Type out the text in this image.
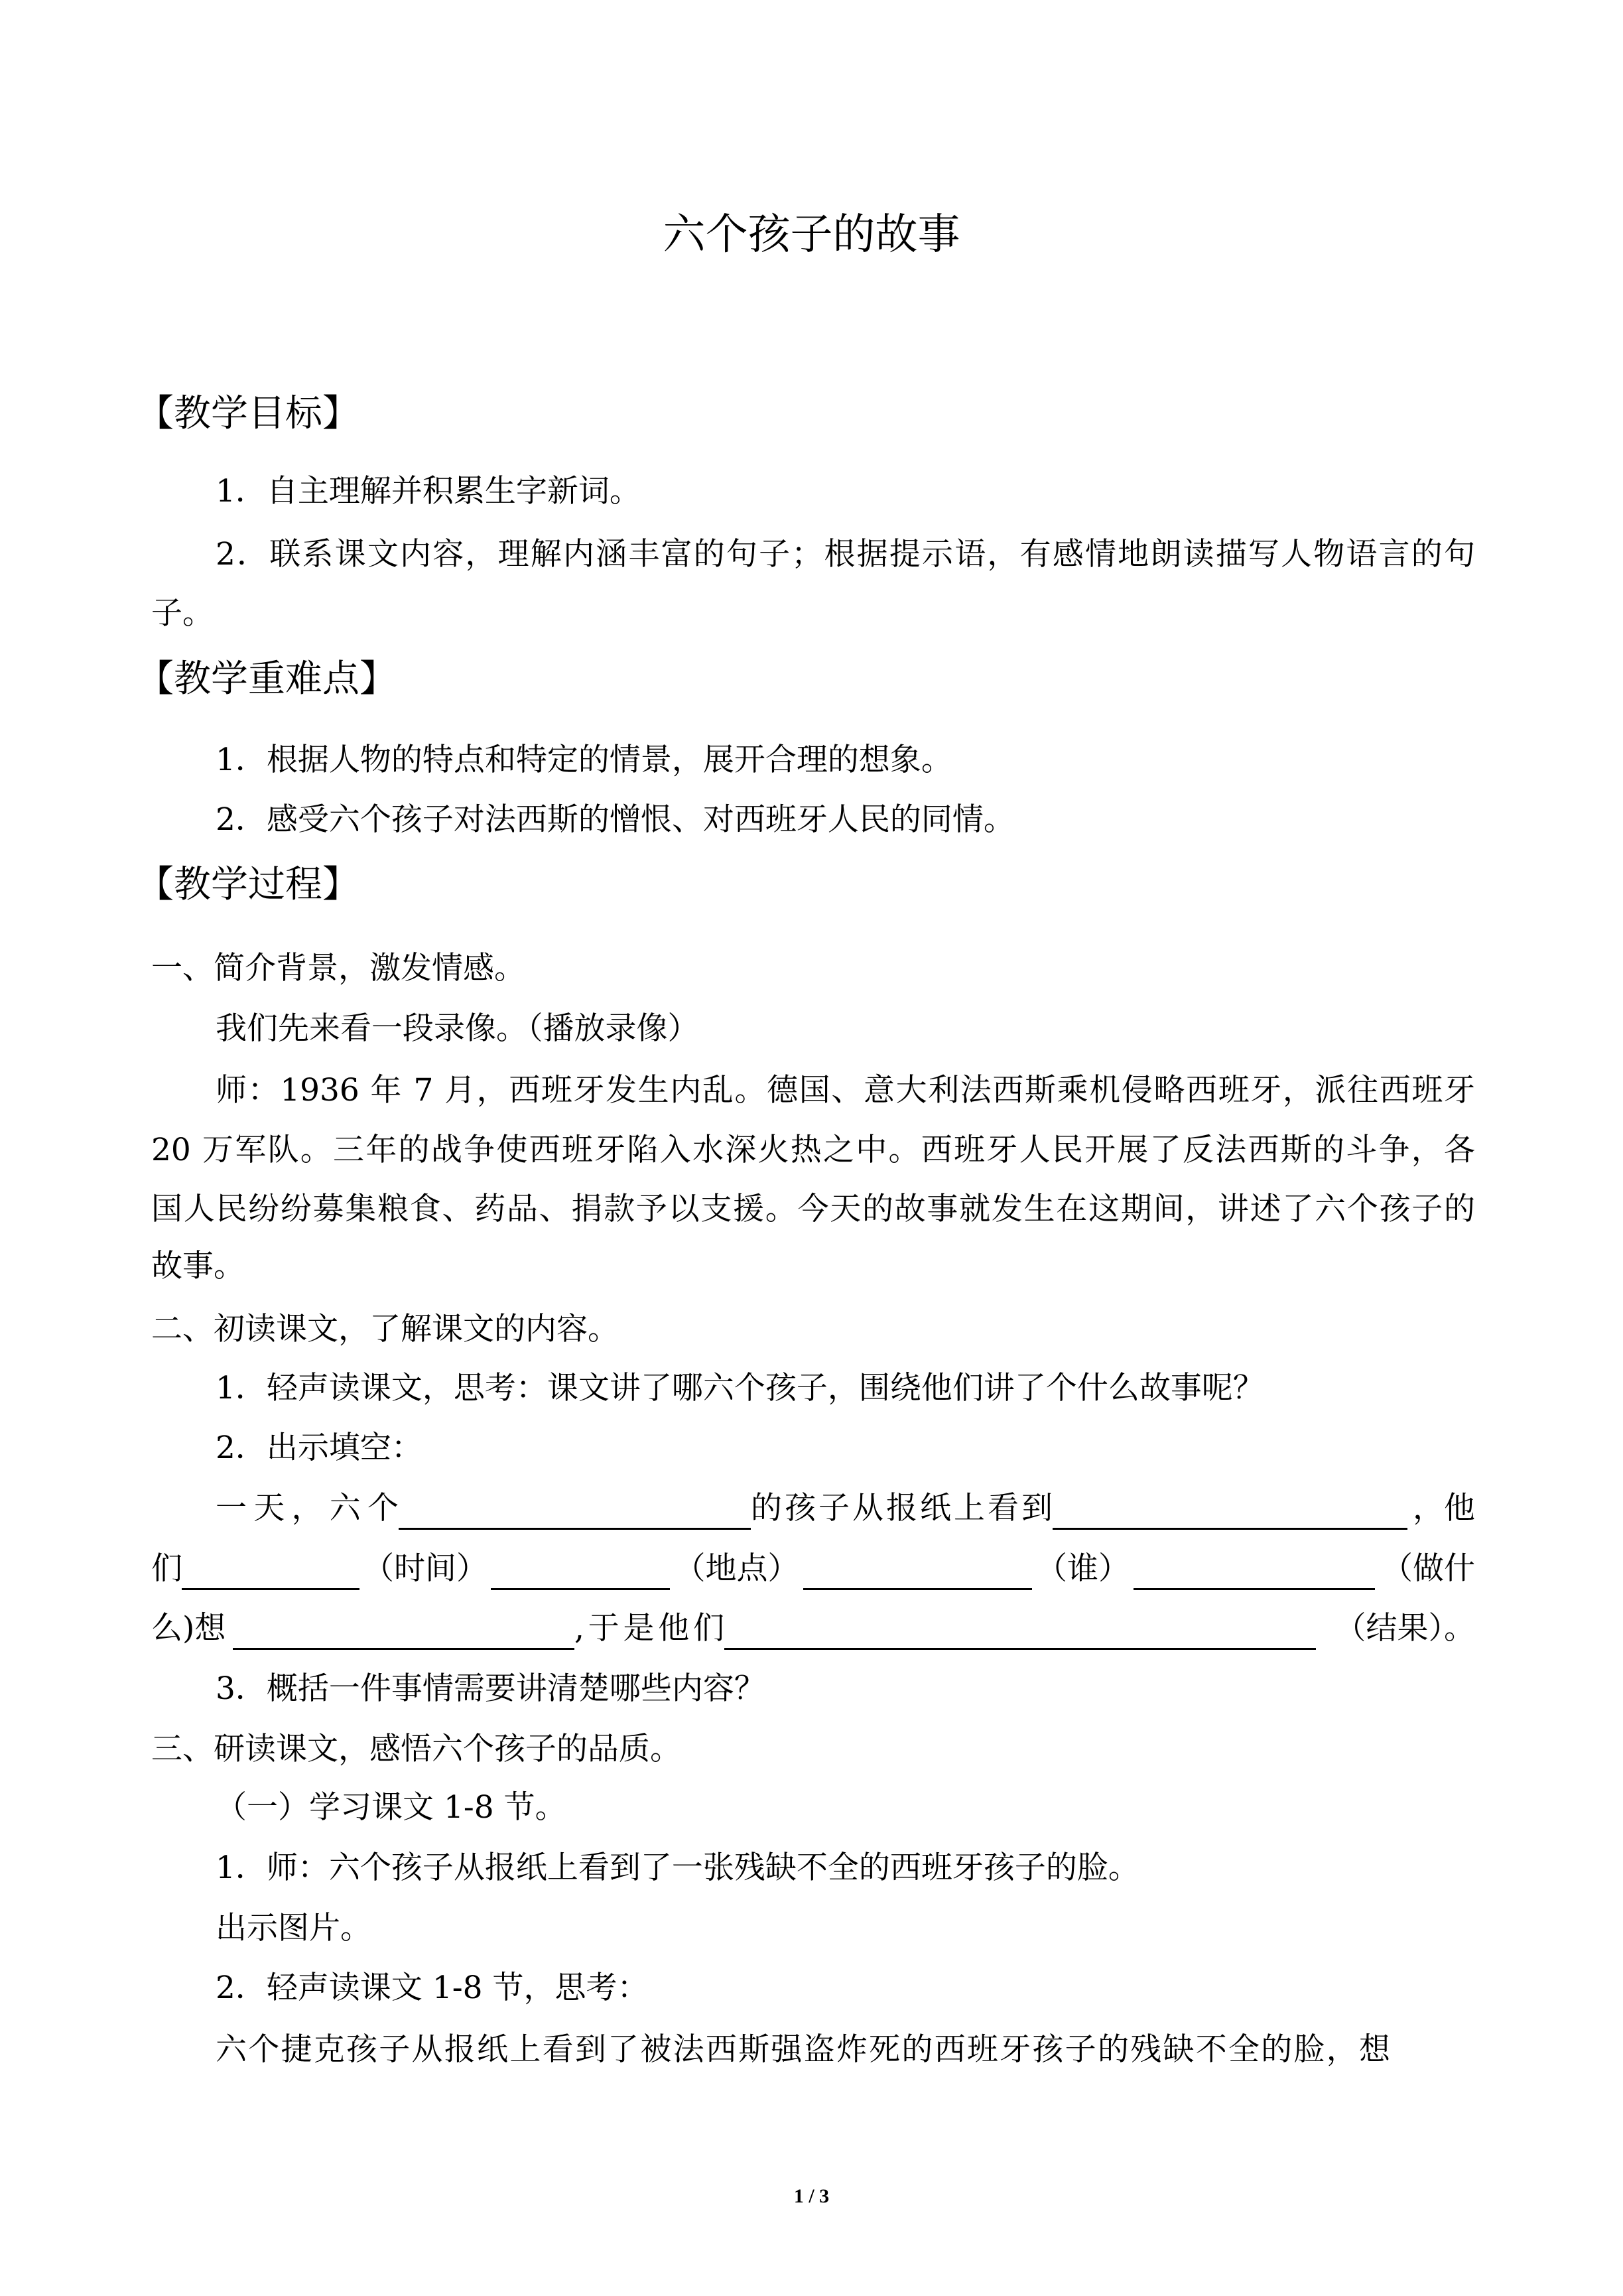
六个孩子的故事
【教学目标】
1．自主理解并积累生字新词。
2．联系课文内容，理解内涵丰富的句子；根据提示语，有感情地朗读描写人物语言的句
子。
【教学重难点】
1．根据人物的特点和特定的情景，展开合理的想象。
2．感受六个孩子对法西斯的憎恨、对西班牙人民的同情。
【教学过程】
一、简介背景，激发情感。
我们先来看一段录像。（播放录像）
师：1936 年 7 月，西班牙发生内乱。德国、意大利法西斯乘机侵略西班牙，派往西班牙
20 万军队。三年的战争使西班牙陷入水深火热之中。西班牙人民开展了反法西斯的斗争，各
国人民纷纷募集粮食、药品、捐款予以支援。今天的故事就发生在这期间，讲述了六个孩子的
故事。
二、初读课文，了解课文的内容。
1．轻声读课文，思考：课文讲了哪六个孩子，围绕他们讲了个什么故事呢？
2．出示填空：
一天，六个	的孩子从报纸上看到	，他
们	（时间）	（地点）	（谁）	（做什
么)想	,于是他们	（结果）。
3．概括一件事情需要讲清楚哪些内容？
三、研读课文，感悟六个孩子的品质。
（一）学习课文 1-8 节。
1．师：六个孩子从报纸上看到了一张残缺不全的西班牙孩子的脸。
出示图片。
2．轻声读课文 1-8 节，思考：
六个捷克孩子从报纸上看到了被法西斯强盗炸死的西班牙孩子的残缺不全的脸，想
1 / 3
